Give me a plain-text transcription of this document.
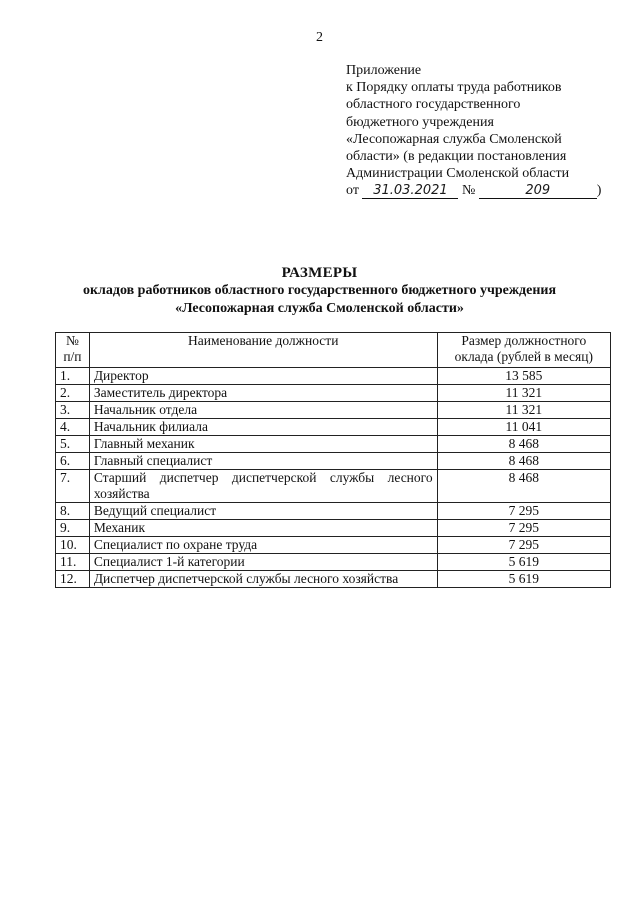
2
Приложение
к Порядку оплаты труда работников
областного государственного
бюджетного учреждения
«Лесопожарная служба Смоленской
области» (в редакции постановления
Администрации Смоленской области
от 31.03.2021 №	209	)
РАЗМЕРЫ
окладов работников областного государственного бюджетного учреждения
«Лесопожарная служба Смоленской области»
№ п/п	Наименование должности	Размер должностного оклада (рублей в месяц)
1.	Директор	13 585
2.	Заместитель директора	11 321
3.	Начальник отдела	11 321
4.	Начальник филиала	11 041
5.	Главный механик	8 468
6.	Главный специалист	8 468
7.	Старший диспетчер диспетчерской службы лесного хозяйства	8 468
8.	Ведущий специалист	7 295
9.	Механик	7 295
10.	Специалист по охране труда	7 295
11.	Специалист 1-й категории	5 619
12.	Диспетчер диспетчерской службы лесного хозяйства	5 619
